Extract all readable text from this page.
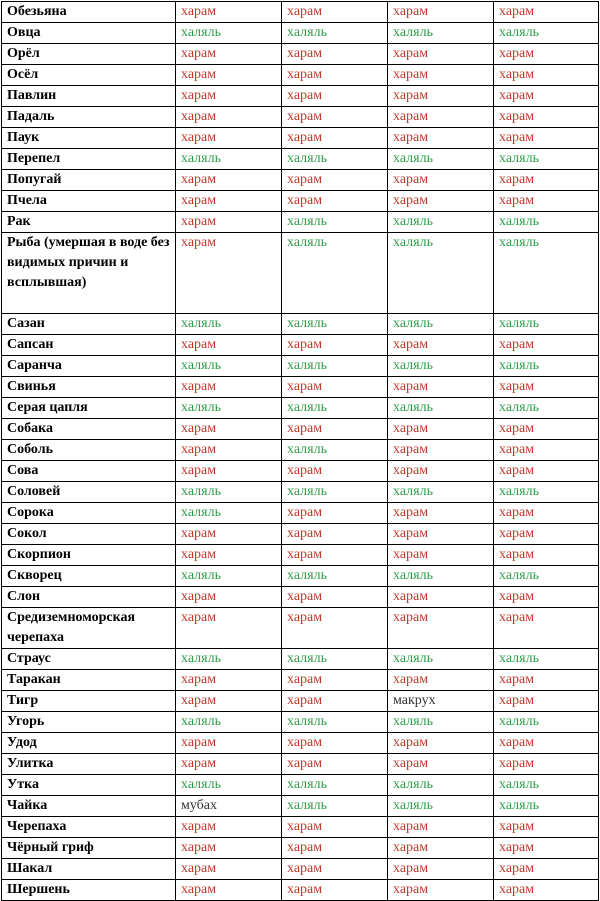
Обезьяна	харам	харам	харам	харам
Овца	халяль	халяль	халяль	халяль
Орёл	харам	харам	харам	харам
Осёл	харам	харам	харам	харам
Павлин	харам	харам	харам	харам
Падаль	харам	харам	харам	харам
Паук	харам	харам	харам	харам
Перепел	халяль	халяль	халяль	халяль
Попугай	харам	харам	харам	харам
Пчела	харам	харам	харам	харам
Рак	харам	халяль	халяль	халяль
Рыба (умершая в воде без видимых причин и всплывшая)	харам	халяль	халяль	халяль
Сазан	халяль	халяль	халяль	халяль
Сапсан	харам	харам	харам	харам
Саранча	халяль	халяль	халяль	халяль
Свинья	харам	харам	харам	харам
Серая цапля	халяль	халяль	халяль	халяль
Собака	харам	харам	харам	харам
Соболь	харам	халяль	харам	харам
Сова	харам	харам	харам	харам
Соловей	халяль	халяль	халяль	халяль
Сорока	халяль	харам	харам	харам
Сокол	харам	харам	харам	харам
Скорпион	харам	харам	харам	харам
Скворец	халяль	халяль	халяль	халяль
Слон	харам	харам	харам	харам
Средиземноморская черепаха	харам	харам	харам	харам
Страус	халяль	халяль	халяль	халяль
Таракан	харам	харам	харам	харам
Тигр	харам	харам	макрух	харам
Угорь	халяль	халяль	халяль	халяль
Удод	харам	харам	харам	харам
Улитка	харам	харам	харам	харам
Утка	халяль	халяль	халяль	халяль
Чайка	мубах	халяль	халяль	халяль
Черепаха	харам	харам	харам	харам
Чёрный гриф	харам	харам	харам	харам
Шакал	харам	харам	харам	харам
Шершень	харам	харам	харам	харам
